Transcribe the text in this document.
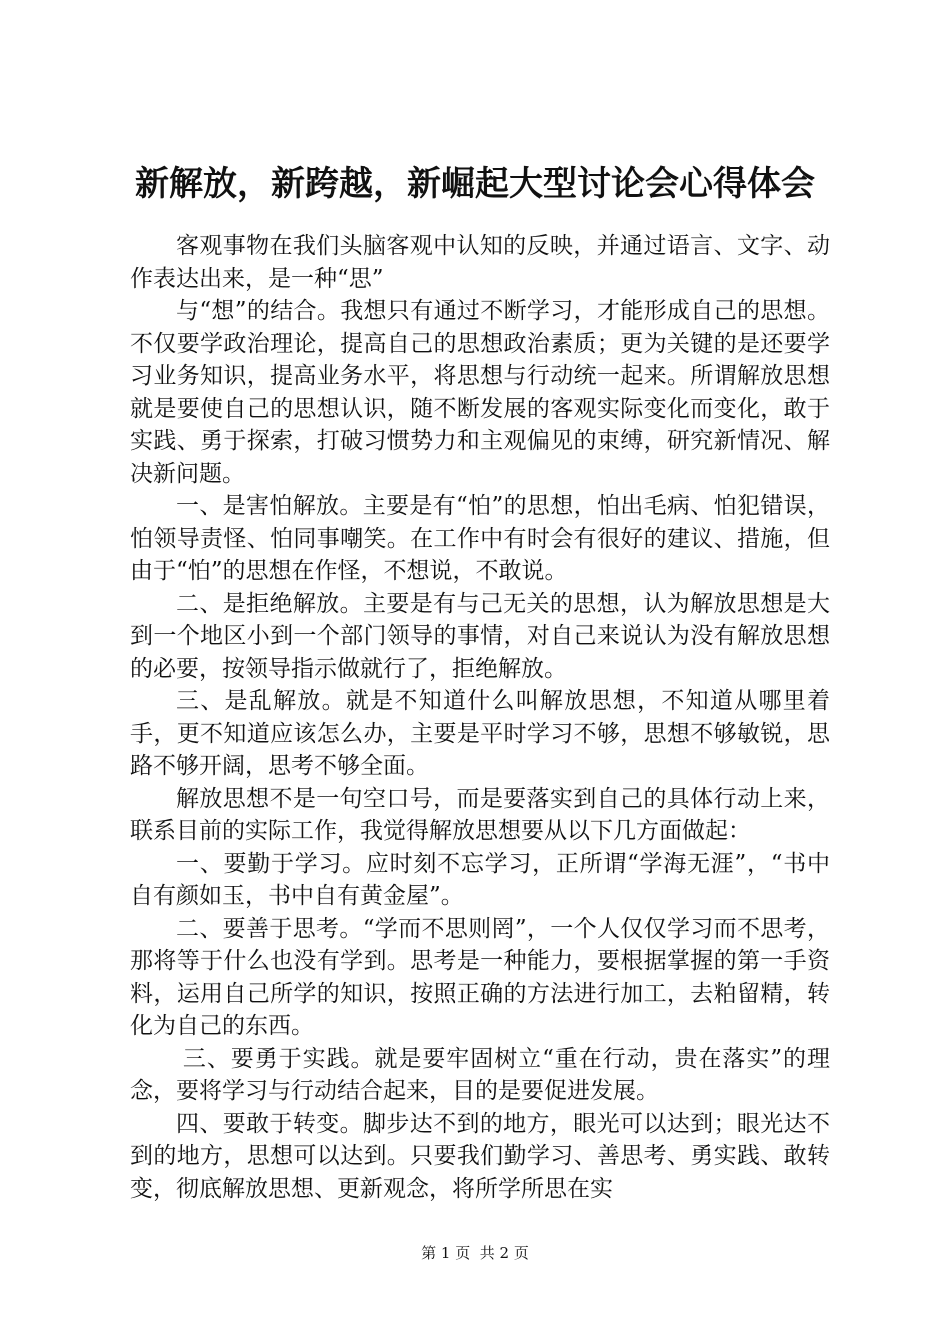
新解放，新跨越，新崛起大型讨论会心得体会

客观事物在我们头脑客观中认知的反映，并通过语言、文字、动作表达出来，是一种“思”

与“想”的结合。我想只有通过不断学习，才能形成自己的思想。不仅要学政治理论，提高自己的思想政治素质；更为关键的是还要学习业务知识，提高业务水平，将思想与行动统一起来。所谓解放思想就是要使自己的思想认识，随不断发展的客观实际变化而变化，敢于实践、勇于探索，打破习惯势力和主观偏见的束缚，研究新情况、解决新问题。

一、是害怕解放。主要是有“怕”的思想，怕出毛病、怕犯错误，怕领导责怪、怕同事嘲笑。在工作中有时会有很好的建议、措施，但由于“怕”的思想在作怪，不想说，不敢说。

二、是拒绝解放。主要是有与己无关的思想，认为解放思想是大到一个地区小到一个部门领导的事情，对自己来说认为没有解放思想的必要，按领导指示做就行了，拒绝解放。

三、是乱解放。就是不知道什么叫解放思想，不知道从哪里着手，更不知道应该怎么办，主要是平时学习不够，思想不够敏锐，思路不够开阔，思考不够全面。

解放思想不是一句空口号，而是要落实到自己的具体行动上来，联系目前的实际工作，我觉得解放思想要从以下几方面做起：

一、要勤于学习。应时刻不忘学习，正所谓“学海无涯”，“书中自有颜如玉，书中自有黄金屋”。

二、要善于思考。“学而不思则罔”，一个人仅仅学习而不思考，那将等于什么也没有学到。思考是一种能力，要根据掌握的第一手资料，运用自己所学的知识，按照正确的方法进行加工，去粕留精，转化为自己的东西。

三、要勇于实践。就是要牢固树立“重在行动，贵在落实”的理念，要将学习与行动结合起来，目的是要促进发展。

四、要敢于转变。脚步达不到的地方，眼光可以达到；眼光达不到的地方，思想可以达到。只要我们勤学习、善思考、勇实践、敢转变，彻底解放思想、更新观念，将所学所思在实

第 1 页  共 2 页
